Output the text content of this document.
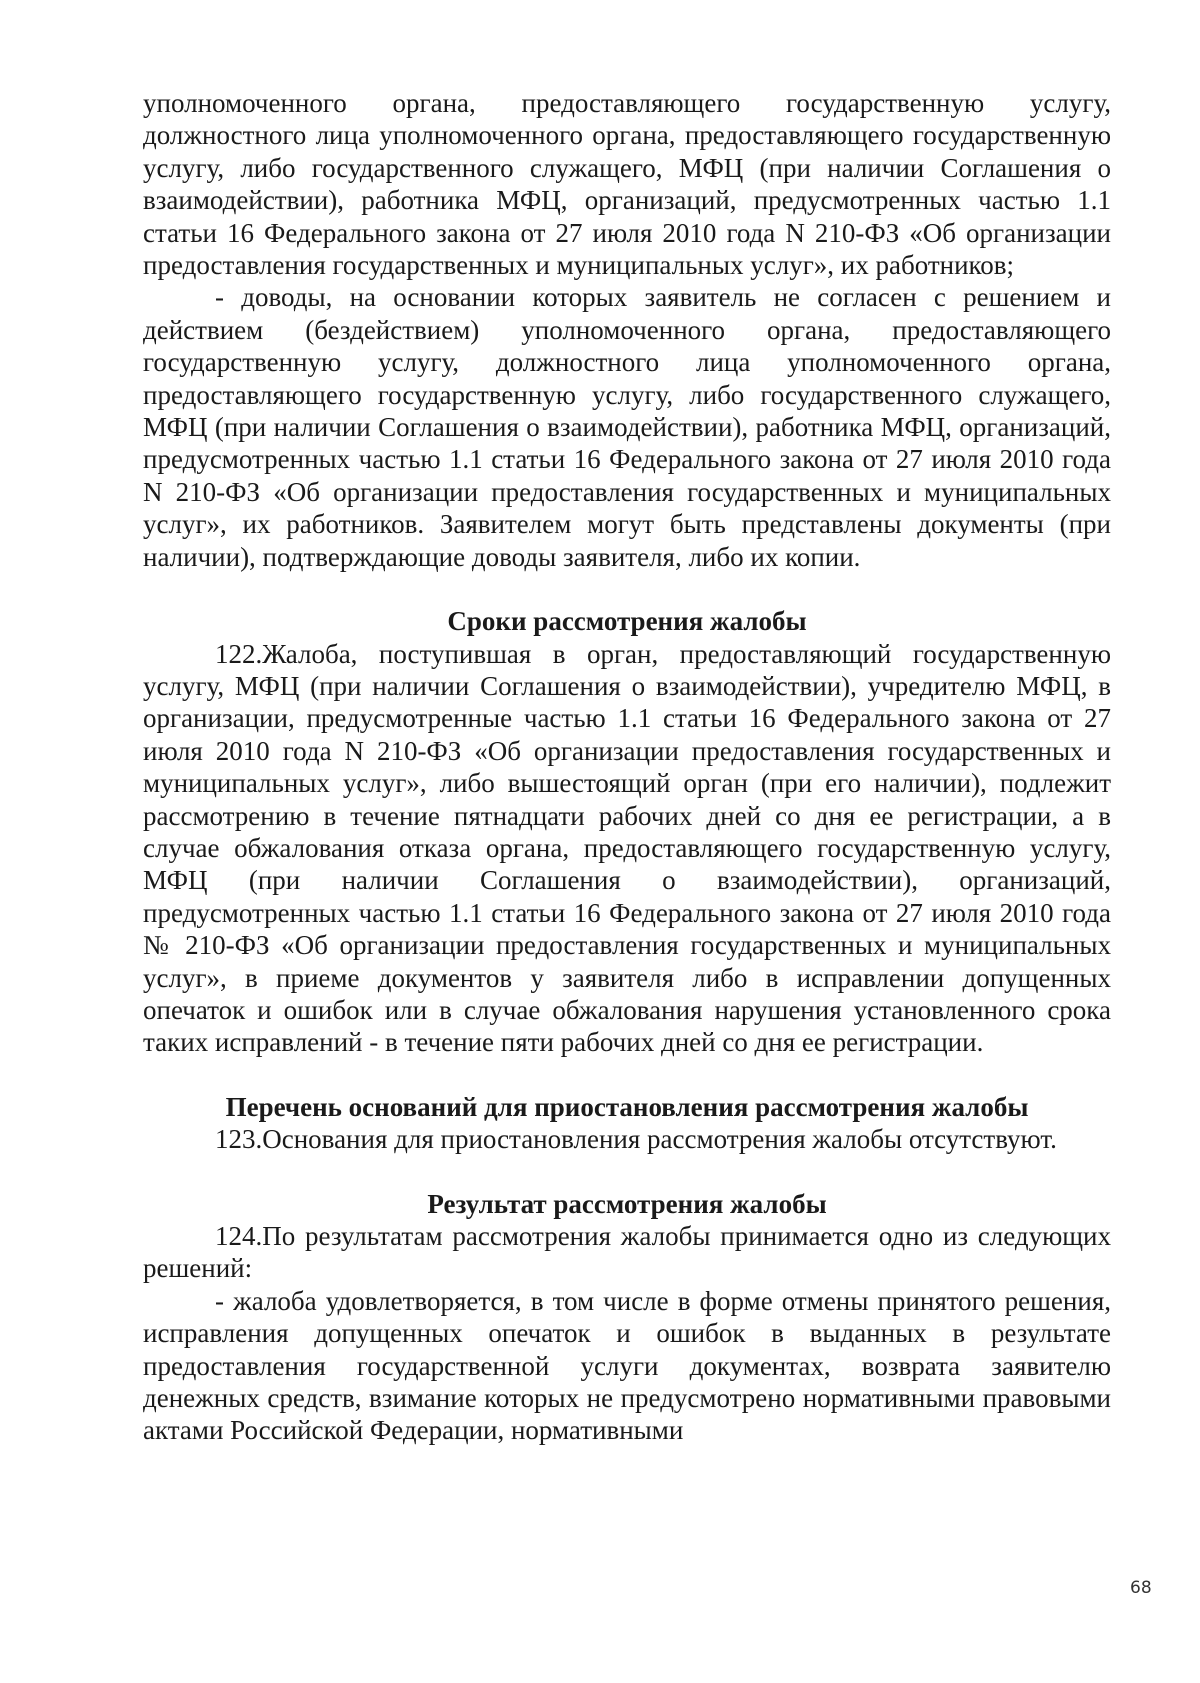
уполномоченного органа, предоставляющего государственную услугу, должностного лица уполномоченного органа, предоставляющего государственную услугу, либо государственного служащего, МФЦ (при наличии Соглашения о взаимодействии), работника МФЦ, организаций, предусмотренных частью 1.1 статьи 16 Федерального закона от 27 июля 2010 года N 210-ФЗ «Об организации предоставления государственных и муниципальных услуг», их работников;

- доводы, на основании которых заявитель не согласен с решением и действием (бездействием) уполномоченного органа, предоставляющего государственную услугу, должностного лица уполномоченного органа, предоставляющего государственную услугу, либо государственного служащего, МФЦ (при наличии Соглашения о взаимодействии), работника МФЦ, организаций, предусмотренных частью 1.1 статьи 16 Федерального закона от 27 июля 2010 года N 210-ФЗ «Об организации предоставления государственных и муниципальных услуг», их работников. Заявителем могут быть представлены документы (при наличии), подтверждающие доводы заявителя, либо их копии.

Сроки рассмотрения жалобы

122.Жалоба, поступившая в орган, предоставляющий государственную услугу, МФЦ (при наличии Соглашения о взаимодействии), учредителю МФЦ, в организации, предусмотренные частью 1.1 статьи 16 Федерального закона от 27 июля 2010 года N 210-ФЗ «Об организации предоставления государственных и муниципальных услуг», либо вышестоящий орган (при его наличии), подлежит рассмотрению в течение пятнадцати рабочих дней со дня ее регистрации, а в случае обжалования отказа органа, предоставляющего государственную услугу, МФЦ (при наличии Соглашения о взаимодействии), организаций, предусмотренных частью 1.1 статьи 16 Федерального закона от 27 июля 2010 года № 210-ФЗ «Об организации предоставления государственных и муниципальных услуг», в приеме документов у заявителя либо в исправлении допущенных опечаток и ошибок или в случае обжалования нарушения установленного срока таких исправлений - в течение пяти рабочих дней со дня ее регистрации.

Перечень оснований для приостановления рассмотрения жалобы

123.Основания для приостановления рассмотрения жалобы отсутствуют.

Результат рассмотрения жалобы

124.По результатам рассмотрения жалобы принимается одно из следующих решений:

- жалоба удовлетворяется, в том числе в форме отмены принятого решения, исправления допущенных опечаток и ошибок в выданных в результате предоставления государственной услуги документах, возврата заявителю денежных средств, взимание которых не предусмотрено нормативными правовыми актами Российской Федерации, нормативными

68
